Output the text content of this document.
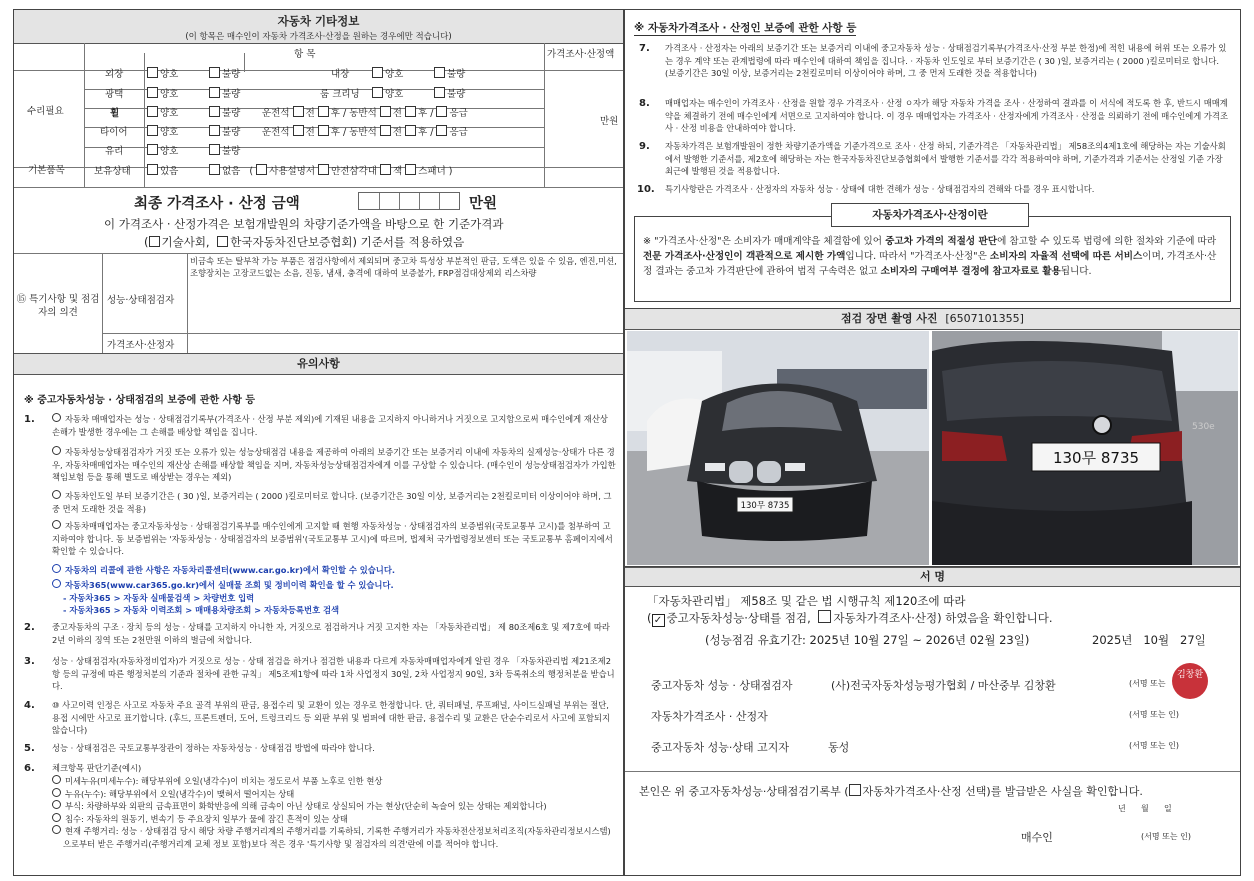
자동차 기타정보
(이 항목은 매수인이 자동차 가격조사·산정을 원하는 경우에만 적습니다)
항 목	가격조사·산정액
수리필요
기본품목
만원
외장	양호	불량	내장	양호	불량
광택	양호	불량	룸 크리닝	양호	불량
휠	양호	불량 운전석 전 후 / 동반석 전 후 / 응급
타이어	양호	불량 운전석 전 후 / 동반석 전 후 / 응급
유리	양호	불량
보유상태	있음	없음   ( 사용설명서 안전삼각대 잭 스패너 )
최종 가격조사 · 산정 금액	만원
이 가격조사 · 산정가격은 보험개발원의 차량기준가액을 바탕으로 한 기준가격과
( 기술사회, 한국자동차진단보증협회) 기준서를 적용하였음
⑮ 특기사항 및 점검자의 의견
성능·상태점검자
가격조사·산정자
비금속 또는 탈부착 가능 부품은 점검사항에서 제외되며 중고차 특성상 부분적인 판금, 도색은 있을 수 있음, 엔진,미션, 조향장치는 고장코드없는 소음, 진동, 냄새, 충격에 대하여 보증불가, FRP점검대상제외 리스차량
유의사항
※ 중고자동차성능 · 상태점검의 보증에 관한 사항 등
1.	자동차 매매업자는 성능 · 상태점검기록부(가격조사 · 산정 부분 제외)에 기재된 내용을 고지하지 아니하거나 거짓으로 고지함으로써 매수인에게 재산상 손해가 발생한 경우에는 그 손해를 배상할 책임을 집니다.
자동차성능상태점검자가 거짓 또는 오류가 있는 성능상태점검 내용을 제공하여 아래의 보증기간 또는 보증거리 이내에 자동차의 실제성능·상태가 다른 경우, 자동차매매업자는 매수인의 재산상 손해를 배상할 책임을 지며, 자동차성능상태점검자에게 이를 구상할 수 있습니다. (매수인이 성능상태점검자가 가입한 책임보험 등을 통해 별도로 배상받는 경우는 제외)
자동차인도일 부터 보증기간은 ( 30 )일, 보증거리는 ( 2000 )킬로미터로 합니다. (보증기간은 30일 이상, 보증거리는 2천킬로미터 이상이어야 하며, 그 중 먼저 도래한 것을 적용)
자동차매매업자는 중고자동차성능 · 상태점검기록부를 매수인에게 고지할 때 현행 자동차성능 · 상태점검자의 보증범위(국토교통부 고시)를 첨부하여 고지하여야 합니다. 동 보증범위는 '자동차성능 · 상태점검자의 보증범위'(국토교통부 고시)에 따르며, 법제처 국가법령정보센터 또는 국토교통부 홈페이지에서 확인할 수 있습니다.
자동차의 리콜에 관한 사항은 자동차리콜센터(www.car.go.kr)에서 확인할 수 있습니다.
자동차365(www.car365.go.kr)에서 실매물 조회 및 정비이력 확인을 할 수 있습니다.
- 자동차365 > 자동차 실매물검색 > 차량번호 입력
- 자동차365 > 자동차 이력조회 > 매매용차량조회 > 자동차등록번호 검색
2. 중고자동차의 구조 · 장치 등의 성능 · 상태를 고지하지 아니한 자, 거짓으로 점검하거나 거짓 고지한 자는 「자동차관리법」 제 80조제6호 및 제7호에 따라 2년 이하의 징역 또는 2천만원 이하의 벌금에 처합니다.
3. 성능 · 상태점검자(자동차정비업자)가 거짓으로 성능 · 상태 점검을 하거나 점검한 내용과 다르게 자동차매매업자에게 알린 경우 「자동차관리법 제21조제2항 등의 규정에 따른 행정처분의 기준과 절차에 관한 규칙」 제5조제1항에 따라 1차 사업정지 30일, 2차 사업정지 90일, 3차 등록취소의 행정처분을 받습니다.
4. ⑩ 사고이력 인정은 사고로 자동차 주요 골격 부위의 판금, 용접수리 및 교환이 있는 경우로 한정합니다. 단, 쿼터패널, 루프패널, 사이드실패널 부위는 절단, 용접 시에만 사고로 표기합니다. (후드, 프론트펜더, 도어, 트렁크리드 등 외판 부위 및 범퍼에 대한 판금, 용접수리 및 교환은 단순수리로서 사고에 포함되지 않습니다)
5. 성능 · 상태점검은 국토교통부장관이 정하는 자동차성능 · 상태점검 방법에 따라야 합니다.
6. 체크항목 판단기준(예시)
미세누유(미세누수): 해당부위에 오일(냉각수)이 비치는 정도로서 부품 노후로 인한 현상
누유(누수): 해당부위에서 오일(냉각수)이 맺혀서 떨어지는 상태
부식: 차량하부와 외판의 금속표면이 화학반응에 의해 금속이 아닌 상태로 상실되어 가는 현상(단순히 녹슬어 있는 상태는 제외합니다)
침수: 자동차의 원동기, 변속기 등 주요장치 일부가 물에 잠긴 흔적이 있는 상태
현재 주행거리: 성능 · 상태점검 당시 해당 차량 주행거리계의 주행거리를 기록하되, 기록한 주행거리가 자동차전산정보처리조직(자동차관리정보시스템)으로부터 받은 주행거리(주행거리계 교체 정보 포함)보다 적은 경우 '특기사항 및 점검자의 의견'란에 이를 적어야 합니다.
※ 자동차가격조사 · 산정인 보증에 관한 사항 등
7. 가격조사 · 산정자는 아래의 보증기간 또는 보증거리 이내에 중고자동차 성능 · 상태점검기록부(가격조사·산정 부분 한정)에 적힌 내용에 허위 또는 오류가 있는 경우 계약 또는 관계법령에 따라 매수인에 대하여 책임을 집니다. · 자동차 인도일로 부터 보증기간은 ( 30 )일, 보증거리는 ( 2000 )킬로미터로 합니다. (보증기간은 30일 이상, 보증거리는 2천킬로미터 이상이어야 하며, 그 중 먼저 도래한 것을 적용합니다)
8. 매매업자는 매수인이 가격조사 · 산정을 원할 경우 가격조사 · 산정 ㅇ자가 해당 자동차 가격을 조사 · 산정하여 결과를 이 서식에 적도록 한 후, 반드시 매매계약을 체결하기 전에 매수인에게 서면으로 고지하여야 합니다. 이 경우 매매업자는 가격조사 · 산정자에게 가격조사 · 산정을 의뢰하기 전에 매수인에게 가격조사 · 산정 비용을 안내하여야 합니다.
9. 자동차가격은 보험개발원이 정한 차량기준가액을 기준가격으로 조사 · 산정 하되, 기준가격은 「자동차관리법」 제58조의4제1호에 해당하는 자는 기술사회에서 발행한 기준서를, 제2호에 해당하는 자는 한국자동차진단보증협회에서 발행한 기준서를 각각 적용하여야 하며, 기준가격과 기준서는 산정일 기준 가장 최근에 발행된 것을 적용합니다.
10. 특기사항란은 가격조사 · 산정자의 자동차 성능 · 상태에 대한 견해가 성능 · 상태점검자의 견해와 다를 경우 표시합니다.
자동차가격조사·산정이란
※ "가격조사·산정"은 소비자가 매매계약을 체결함에 있어 중고차 가격의 적절성 판단에 참고할 수 있도록 법령에 의한 절차와 기준에 따라 전문 가격조사·산정인이 객관적으로 제시한 가액입니다. 따라서 "가격조사·산정"은 소비자의 자율적 선택에 따른 서비스이며, 가격조사·산정 결과는 중고차 가격판단에 관하여 법적 구속력은 없고 소비자의 구매여부 결정에 참고자료로 활용됩니다.
점검 장면 촬영 사진 [6507101355]
130무 8735
130무 8735
530e
서 명
「자동차관리법」 제58조 및 같은 법 시행규칙 제120조에 따라
( ✓ 중고자동차성능·상태를 점검, 자동차가격조사·산정) 하였음을 확인합니다.
(성능점검 유효기간: 2025년 10월 27일 ~ 2026년 02월 23일)	2025년   10월   27일
중고자동차 성능 · 상태점검자	(사)전국자동차성능평가협회 / 마산중부 김창환	(서명 또는
김창환
자동차가격조사 · 산정자	(서명 또는 인)
중고자동차 성능·상태 고지자	동성	(서명 또는 인)
본인은 위 중고자동차성능·상태점검기록부 ( 자동차가격조사·산정 선택)를 발급받은 사실을 확인합니다.
년      월      일
매수인	(서명 또는 인)
